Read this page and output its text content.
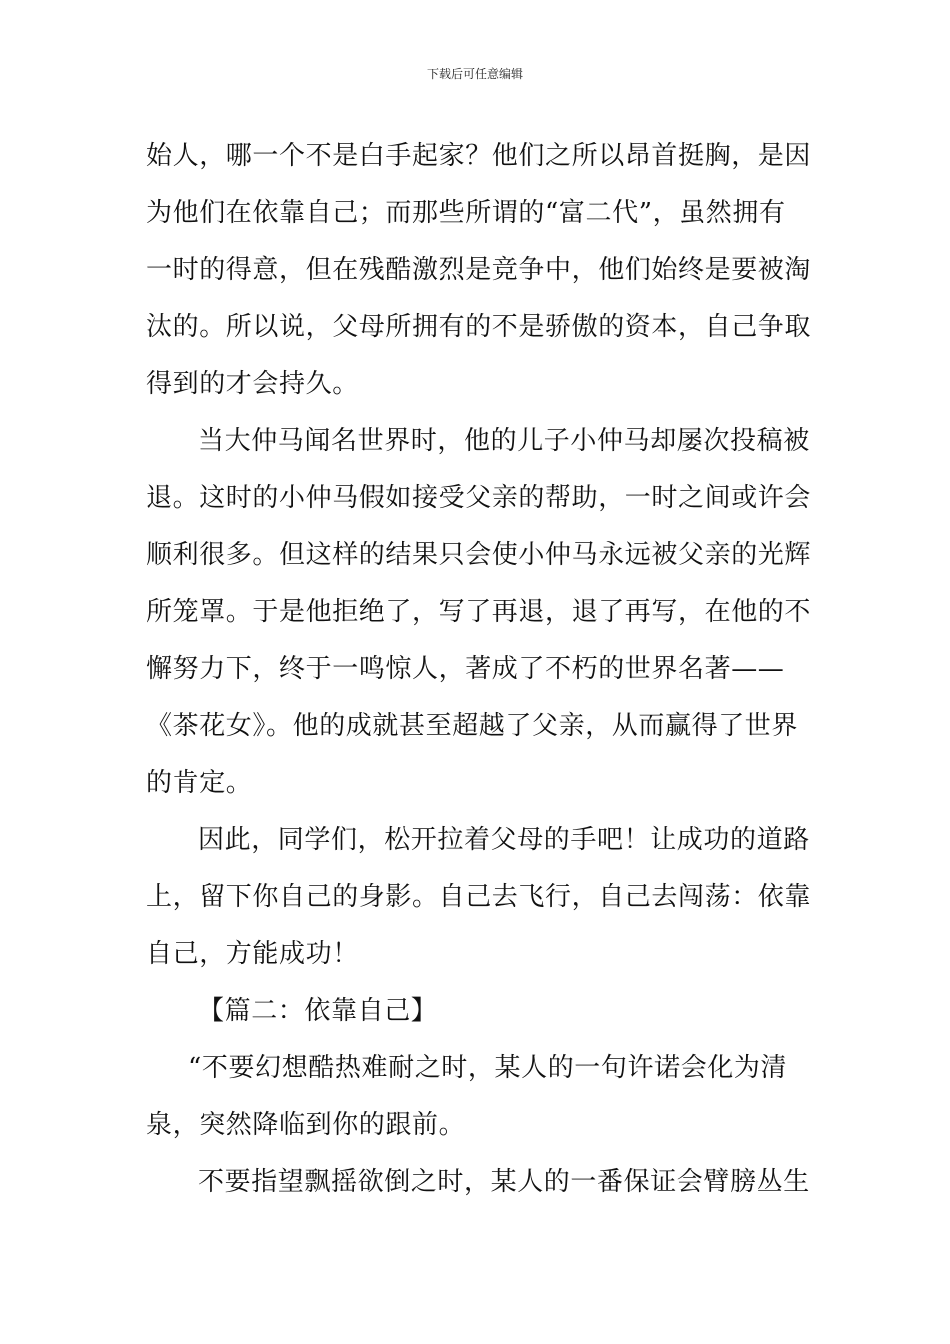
下载后可任意编辑
始人，哪一个不是白手起家？他们之所以昂首挺胸，是因
为他们在依靠自己；而那些所谓的“富二代”，虽然拥有
一时的得意，但在残酷激烈是竞争中，他们始终是要被淘
汰的。所以说，父母所拥有的不是骄傲的资本，自己争取
得到的才会持久。
当大仲马闻名世界时，他的儿子小仲马却屡次投稿被
退。这时的小仲马假如接受父亲的帮助，一时之间或许会
顺利很多。但这样的结果只会使小仲马永远被父亲的光辉
所笼罩。于是他拒绝了，写了再退，退了再写，在他的不
懈努力下，终于一鸣惊人，著成了不朽的世界名著——
《茶花女》。他的成就甚至超越了父亲，从而赢得了世界
的肯定。
因此，同学们，松开拉着父母的手吧！让成功的道路
上，留下你自己的身影。自己去飞行，自己去闯荡：依靠
自己，方能成功！
【篇二：依靠自己】
“不要幻想酷热难耐之时，某人的一句许诺会化为清
泉，突然降临到你的跟前。
不要指望飘摇欲倒之时，某人的一番保证会臂膀丛生
